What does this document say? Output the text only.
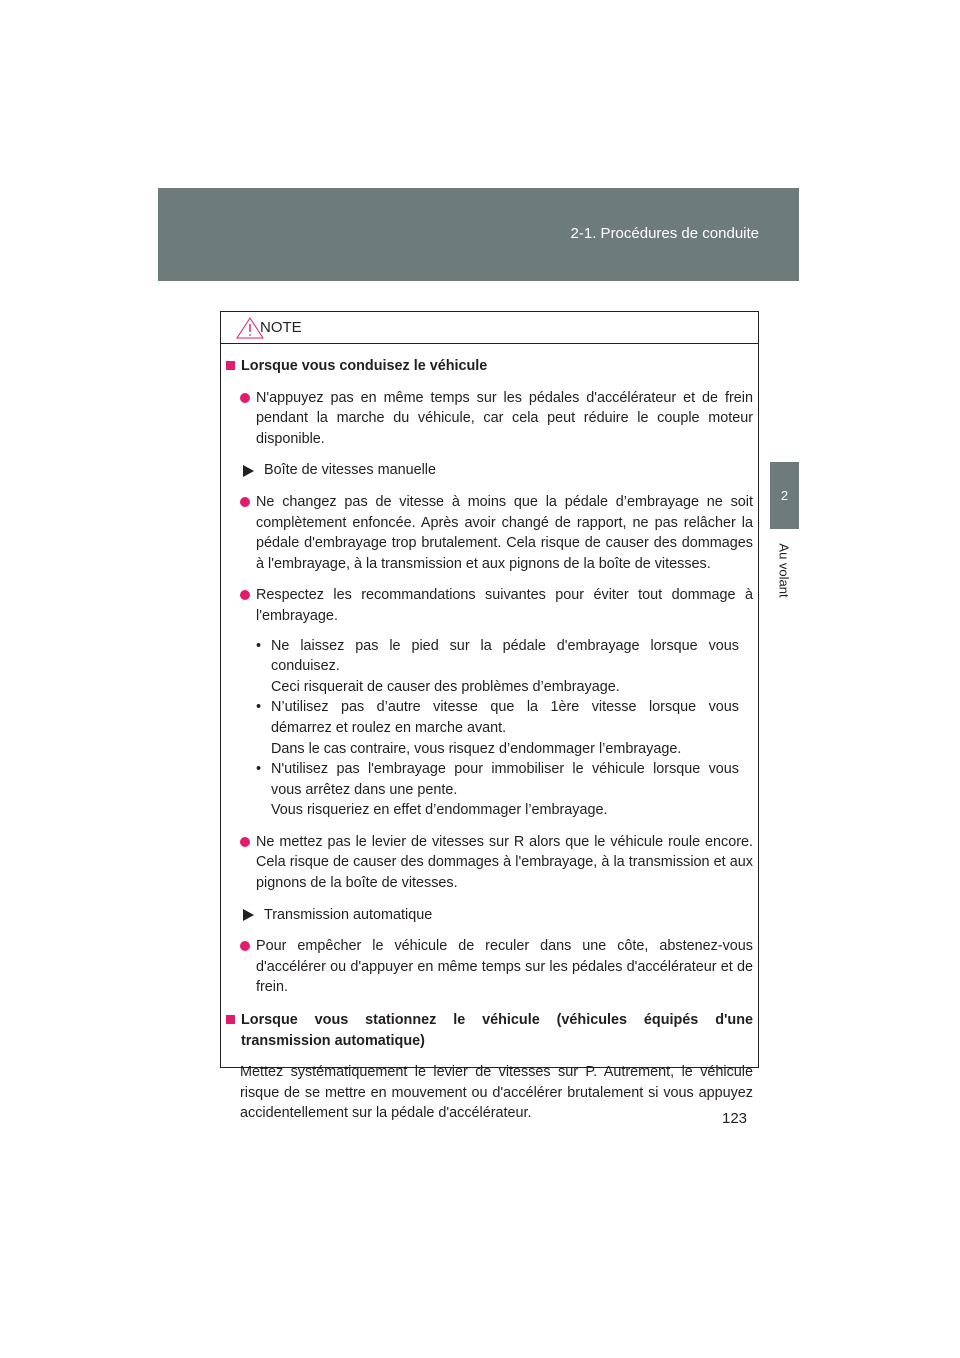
2-1. Procédures de conduite
2
Au volant
NOTE
Lorsque vous conduisez le véhicule
N'appuyez pas en même temps sur les pédales d'accélérateur et de frein pendant la marche du véhicule, car cela peut réduire le couple moteur disponible.
Boîte de vitesses manuelle
Ne changez pas de vitesse à moins que la pédale d’embrayage ne soit complètement enfoncée. Après avoir changé de rapport, ne pas relâcher la pédale d'embrayage trop brutalement. Cela risque de causer des dommages à l'embrayage, à la transmission et aux pignons de la boîte de vitesses.
Respectez les recommandations suivantes pour éviter tout dommage à l'embrayage.
• Ne laissez pas le pied sur la pédale d'embrayage lorsque vous
conduisez.
Ceci risquerait de causer des problèmes d’embrayage.
• N’utilisez pas d’autre vitesse que la 1ère vitesse lorsque vous
démarrez et roulez en marche avant.
Dans le cas contraire, vous risquez d’endommager l’embrayage.
• N'utilisez pas l'embrayage pour immobiliser le véhicule lorsque vous
vous arrêtez dans une pente.
Vous risqueriez en effet d’endommager l’embrayage.
Ne mettez pas le levier de vitesses sur R alors que le véhicule roule encore. Cela risque de causer des dommages à l'embrayage, à la transmission et aux pignons de la boîte de vitesses.
Transmission automatique
Pour empêcher le véhicule de reculer dans une côte, abstenez-vous d'accélérer ou d'appuyer en même temps sur les pédales d'accélérateur et de frein.
Lorsque vous stationnez le véhicule (véhicules équipés d'une transmission automatique)
Mettez systématiquement le levier de vitesses sur P. Autrement, le véhicule risque de se mettre en mouvement ou d'accélérer brutalement si vous appuyez accidentellement sur la pédale d'accélérateur.	123
